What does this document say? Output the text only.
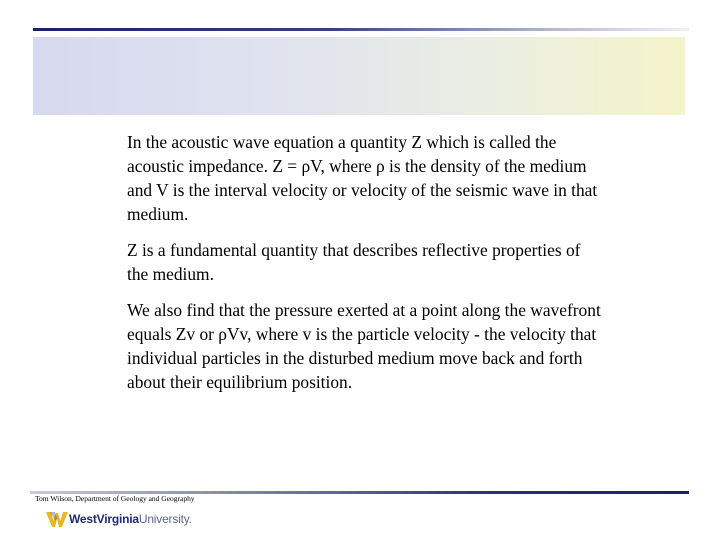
In the acoustic wave equation a quantity Z which is called the acoustic impedance. Z = ρV, where ρ is the density of the medium and V is the interval velocity or velocity of the seismic wave in that medium.

Z is a fundamental quantity that describes reflective properties of the medium.

We also find that the pressure exerted at a point along the wavefront equals Zv or ρVv, where v is the particle velocity - the velocity that individual particles in the disturbed medium move back and forth about their equilibrium position.

Tom Wilson, Department of Geology and Geography
WestVirginiaUniversity.
